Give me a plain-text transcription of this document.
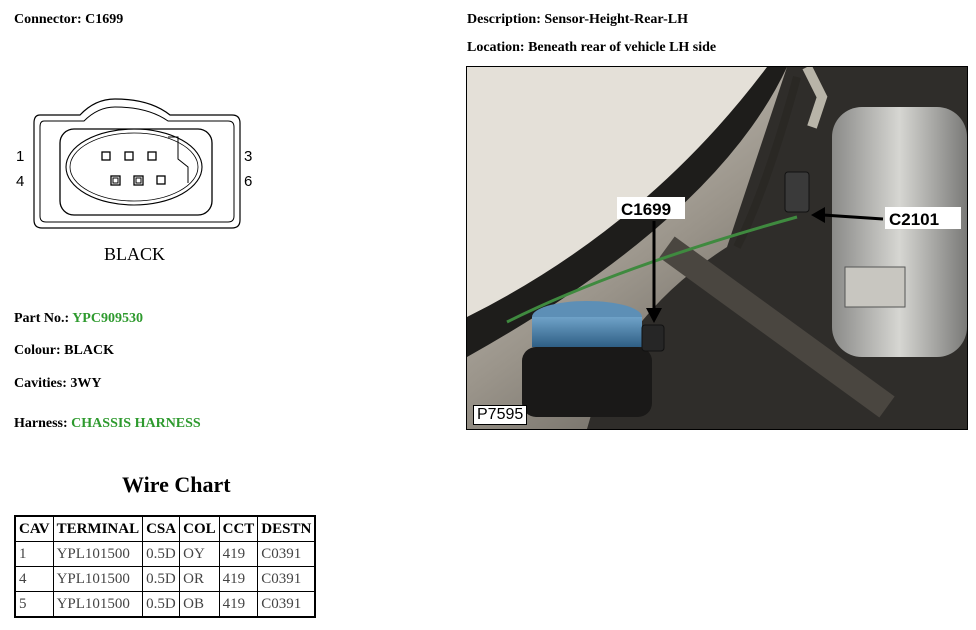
Connector: C1699	Description: Sensor-Height-Rear-LH
Location: Beneath rear of vehicle LH side
1
4
3
6
BLACK
Part No.: YPC909530
Colour: BLACK
Cavities: 3WY
Harness: CHASSIS HARNESS
Wire Chart
CAV	TERMINAL	CSA	COL	CCT	DESTN
1	YPL101500	0.5D	OY	419	C0391
4	YPL101500	0.5D	OR	419	C0391
5	YPL101500	0.5D	OB	419	C0391
C1699
C2101
P7595
